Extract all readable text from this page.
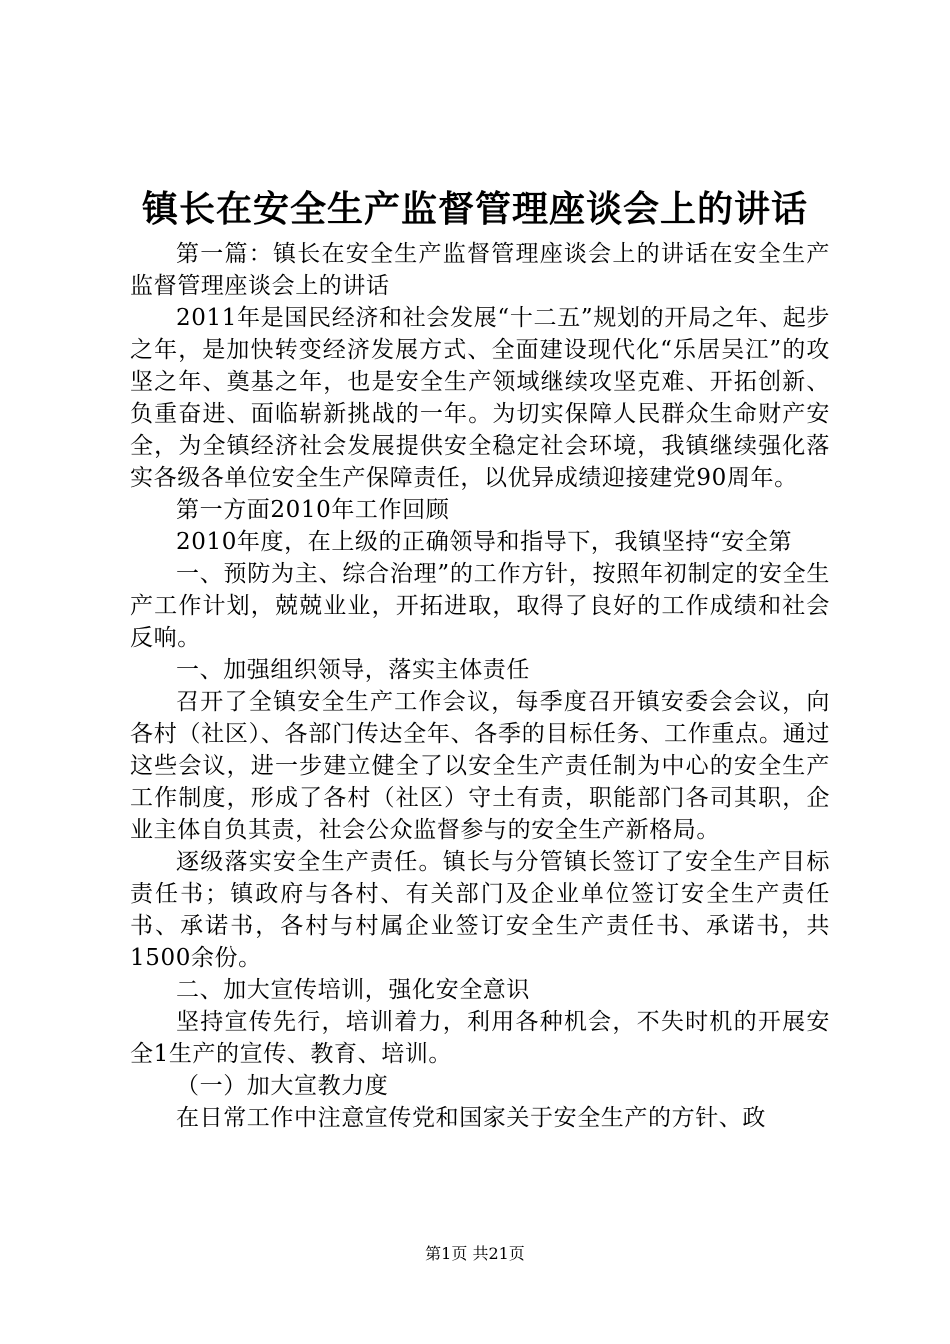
镇长在安全生产监督管理座谈会上的讲话

第一篇：镇长在安全生产监督管理座谈会上的讲话在安全生产监督管理座谈会上的讲话

2011年是国民经济和社会发展“十二五”规划的开局之年、起步之年，是加快转变经济发展方式、全面建设现代化“乐居吴江”的攻坚之年、奠基之年，也是安全生产领域继续攻坚克难、开拓创新、负重奋进、面临崭新挑战的一年。为切实保障人民群众生命财产安全，为全镇经济社会发展提供安全稳定社会环境，我镇继续强化落实各级各单位安全生产保障责任，以优异成绩迎接建党90周年。

第一方面2010年工作回顾

2010年度，在上级的正确领导和指导下，我镇坚持“安全第

一、预防为主、综合治理”的工作方针，按照年初制定的安全生产工作计划，兢兢业业，开拓进取，取得了良好的工作成绩和社会反响。

一、加强组织领导，落实主体责任

召开了全镇安全生产工作会议，每季度召开镇安委会会议，向各村（社区）、各部门传达全年、各季的目标任务、工作重点。通过这些会议，进一步建立健全了以安全生产责任制为中心的安全生产工作制度，形成了各村（社区）守土有责，职能部门各司其职，企业主体自负其责，社会公众监督参与的安全生产新格局。

逐级落实安全生产责任。镇长与分管镇长签订了安全生产目标责任书；镇政府与各村、有关部门及企业单位签订安全生产责任书、承诺书，各村与村属企业签订安全生产责任书、承诺书，共1500余份。

二、加大宣传培训，强化安全意识

坚持宣传先行，培训着力，利用各种机会，不失时机的开展安全1生产的宣传、教育、培训。

（一）加大宣教力度

在日常工作中注意宣传党和国家关于安全生产的方针、政

第1页 共21页
